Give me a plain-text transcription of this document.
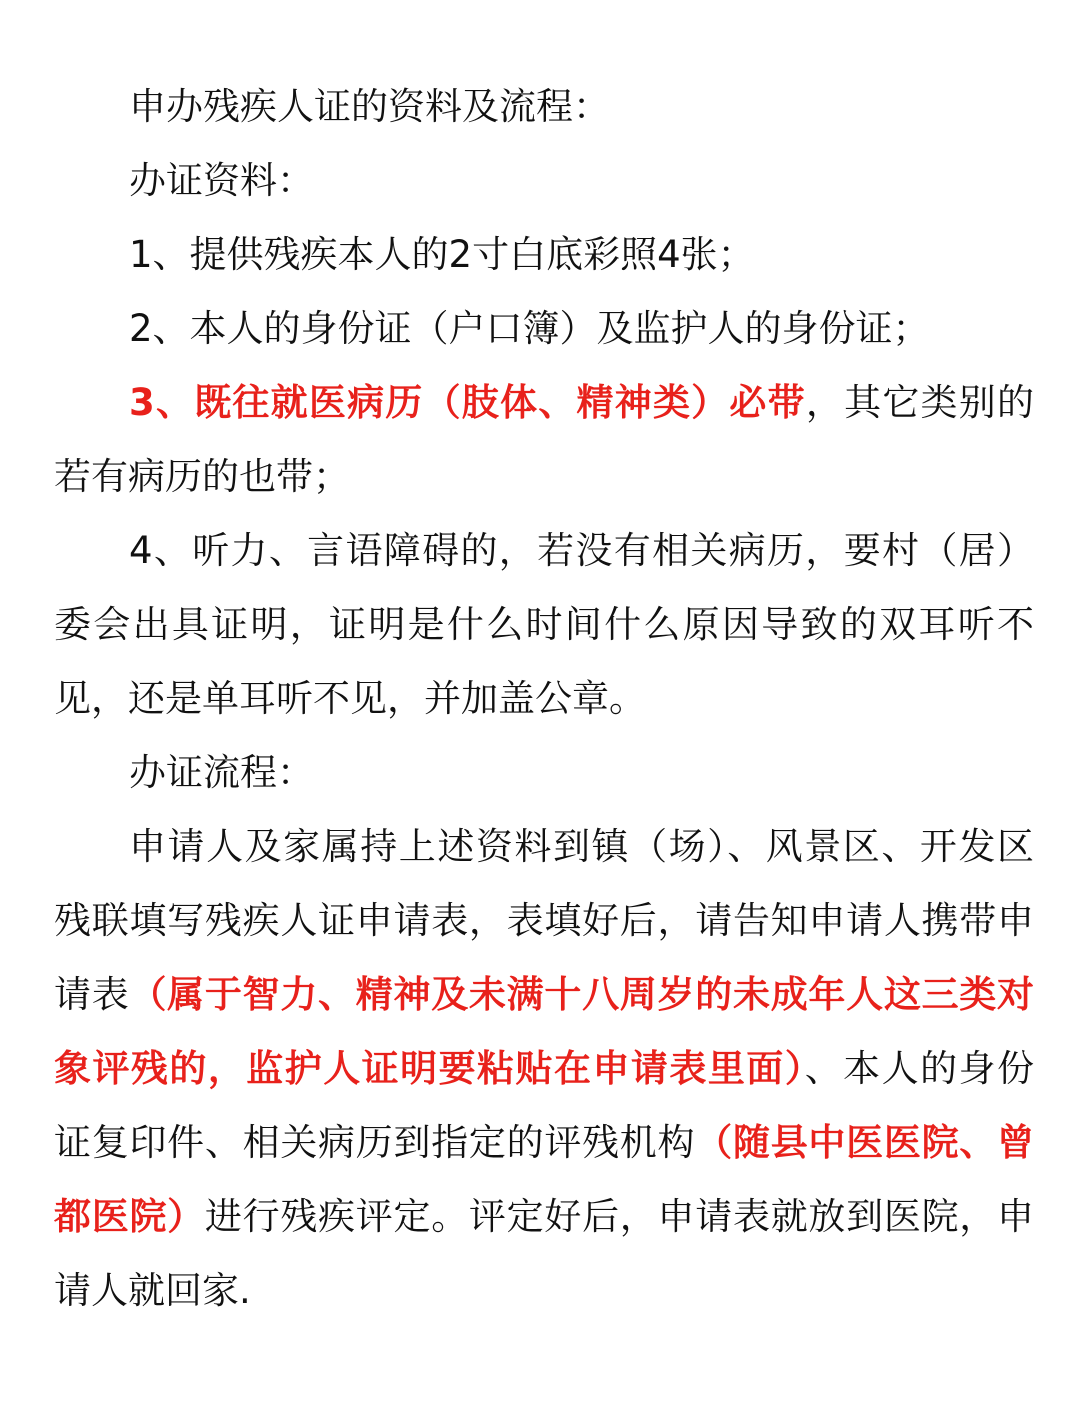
申办残疾人证的资料及流程：

办证资料：

1、提供残疾本人的2寸白底彩照4张；

2、本人的身份证（户口簿）及监护人的身份证；

3、既往就医病历（肢体、精神类）必带，其它类别的若有病历的也带；

4、听力、言语障碍的，若没有相关病历，要村（居）委会出具证明，证明是什么时间什么原因导致的双耳听不见，还是单耳听不见，并加盖公章。

办证流程：

申请人及家属持上述资料到镇（场）、风景区、开发区残联填写残疾人证申请表，表填好后，请告知申请人携带申请表（属于智力、精神及未满十八周岁的未成年人这三类对象评残的，监护人证明要粘贴在申请表里面）、本人的身份证复印件、相关病历到指定的评残机构（随县中医医院、曾都医院）进行残疾评定。评定好后，申请表就放到医院，申请人就回家.
